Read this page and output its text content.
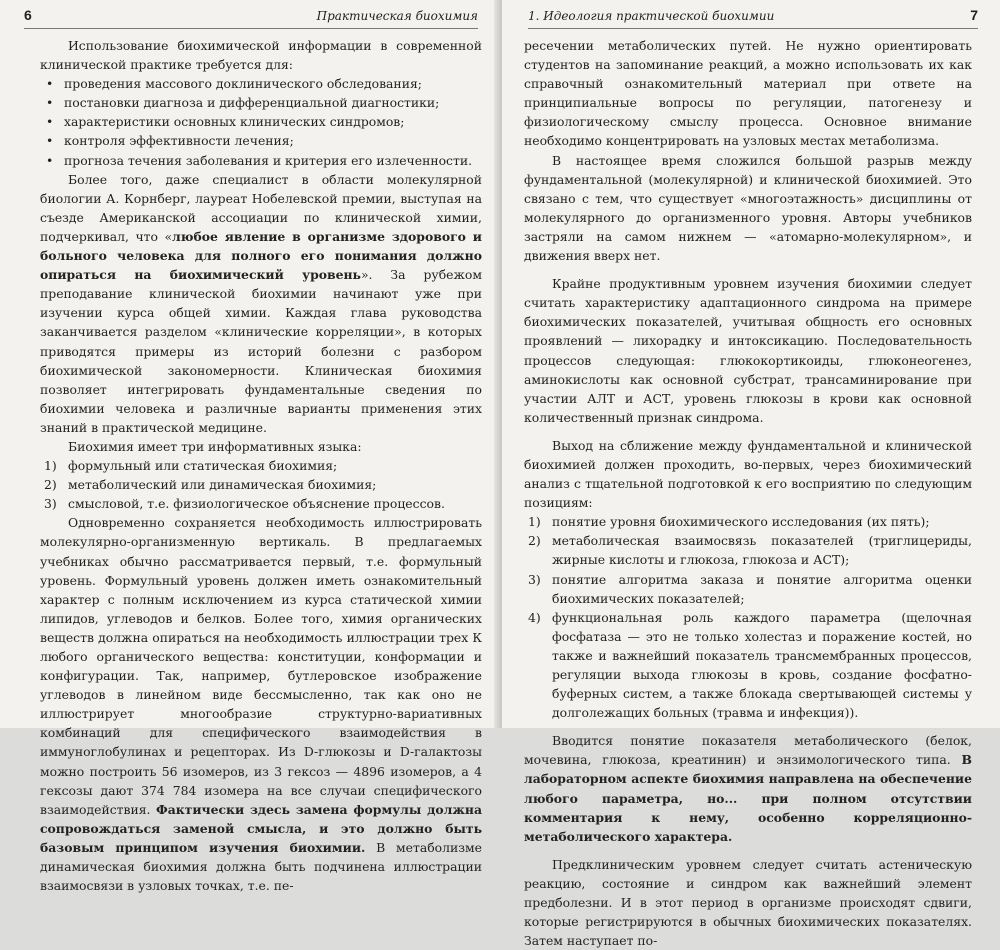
6	Практическая биохимия

Использование биохимической информации в современной клинической практике требуется для:

• проведения массового доклинического обследования;
• постановки диагноза и дифференциальной диагностики;
• характеристики основных клинических синдромов;
• контроля эффективности лечения;
• прогноза течения заболевания и критерия его излеченности.

Более того, даже специалист в области молекулярной биологии А. Корнберг, лауреат Нобелевской премии, выступая на съезде Американской ассоциации по клинической химии, подчеркивал, что «любое явление в организме здорового и больного человека для полного его понимания должно опираться на биохимический уровень». За рубежом преподавание клинической биохимии начинают уже при изучении курса общей химии. Каждая глава руководства заканчивается разделом «клинические корреляции», в которых приводятся примеры из историй болезни с разбором биохимической закономерности. Клиническая биохимия позволяет интегрировать фундаментальные сведения по биохимии человека и различные варианты применения этих знаний в практической медицине.

Биохимия имеет три информативных языка:

1) формульный или статическая биохимия;
2) метаболический или динамическая биохимия;
3) смысловой, т.е. физиологическое объяснение процессов.

Одновременно сохраняется необходимость иллюстрировать молекулярно-организменную вертикаль. В предлагаемых учебниках обычно рассматривается первый, т.е. формульный уровень. Формульный уровень должен иметь ознакомительный характер с полным исключением из курса статической химии липидов, углеводов и белков. Более того, химия органических веществ должна опираться на необходимость иллюстрации трех К любого органического вещества: конституции, конформации и конфигурации. Так, например, бутлеровское изображение углеводов в линейном виде бессмысленно, так как оно не иллюстрирует многообразие структурно-вариативных комбинаций для специфического взаимодействия в иммуноглобулинах и рецепторах. Из D-глюкозы и D-галактозы можно построить 56 изомеров, из 3 гексоз — 4896 изомеров, а 4 гексозы дают 374 784 изомера на все случаи специфического взаимодействия. Фактически здесь замена формулы должна сопровождаться заменой смысла, и это должно быть базовым принципом изучения биохимии. В метаболизме динамическая биохимия должна быть подчинена иллюстрации взаимосвязи в узловых точках, т.е. пе-

1. Идеология практической биохимии	7

ресечении метаболических путей. Не нужно ориентировать студентов на запоминание реакций, а можно использовать их как справочный ознакомительный материал при ответе на принципиальные вопросы по регуляции, патогенезу и физиологическому смыслу процесса. Основное внимание необходимо концентрировать на узловых местах метаболизма.

В настоящее время сложился большой разрыв между фундаментальной (молекулярной) и клинической биохимией. Это связано с тем, что существует «многоэтажность» дисциплины от молекулярного до организменного уровня. Авторы учебников застряли на самом нижнем — «атомарно-молекулярном», и движения вверх нет.

Крайне продуктивным уровнем изучения биохимии следует считать характеристику адаптационного синдрома на примере биохимических показателей, учитывая общность его основных проявлений — лихорадку и интоксикацию. Последовательность процессов следующая: глюкокортикоиды, глюконеогенез, аминокислоты как основной субстрат, трансаминирование при участии АЛТ и АСТ, уровень глюкозы в крови как основной количественный признак синдрома.

Выход на сближение между фундаментальной и клинической биохимией должен проходить, во-первых, через биохимический анализ с тщательной подготовкой к его восприятию по следующим позициям:

1) понятие уровня биохимического исследования (их пять);
2) метаболическая взаимосвязь показателей (триглицериды, жирные кислоты и глюкоза, глюкоза и АСТ);
3) понятие алгоритма заказа и понятие алгоритма оценки биохимических показателей;
4) функциональная роль каждого параметра (щелочная фосфатаза — это не только холестаз и поражение костей, но также и важнейший показатель трансмембранных процессов, регуляции выхода глюкозы в кровь, создание фосфатно-буферных систем, а также блокада свертывающей системы у долголежащих больных (травма и инфекция)).

Вводится понятие показателя метаболического (белок, мочевина, глюкоза, креатинин) и энзимологического типа. В лабораторном аспекте биохимия направлена на обеспечение любого параметра, но... при полном отсутствии комментария к нему, особенно корреляционно-метаболического характера.

Предклиническим уровнем следует считать астеническую реакцию, состояние и синдром как важнейший элемент предболезни. И в этот период в организме происходят сдвиги, которые регистрируются в обычных биохимических показателях. Затем наступает по-
